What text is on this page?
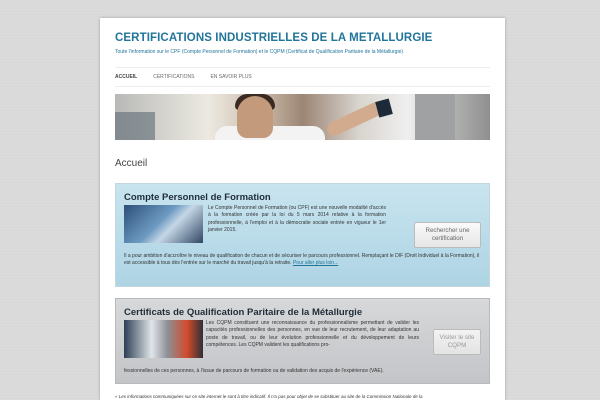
CERTIFICATIONS INDUSTRIELLES DE LA METALLURGIE
Toute l'information sur le CPF (Compte Personnel de Formation) et le CQPM (Certificat de Qualification Paritaire de la Métallurgie)
ACCUEIL	CERTIFICATIONS	EN SAVOIR PLUS
Accueil
Compte Personnel de Formation
Le Compte Personnel de Formation (ou CPF) est une nouvelle modalité d'accès à la formation créée par la loi du 5 mars 2014 relative à la formation professionnelle, à l'emploi et à la démocratie sociale entrée en vigueur le 1er janvier 2015.	Rechercher une certification
Il a pour ambition d'accroître le niveau de qualification de chacun et de sécuriser le parcours professionnel. Remplaçant le DIF (Droit Individuel à la Formation), il est accessible à tous dès l'entrée sur le marché du travail jusqu'à la retraite. Pour aller plus loin...
Certificats de Qualification Paritaire de la Métallurgie
Les CQPM constituent une reconnaissance du professionnalisme permettant de valider les capacités professionnelles des personnes, en vue de leur recrutement, de leur adaptation au poste de travail, ou de leur évolution professionnelle et du développement de leurs compétences. Les CQPM valident les qualifications pro-
Visiter le site CQPM
fessionnelles de ces personnes, à l'issue de parcours de formation ou de validation des acquis de l'expérience (VAE).
« Les informations communiquées sur ce site internet le sont à titre indicatif. Il n'a pas pour objet de se substituer au site de la Commission Nationale de la
